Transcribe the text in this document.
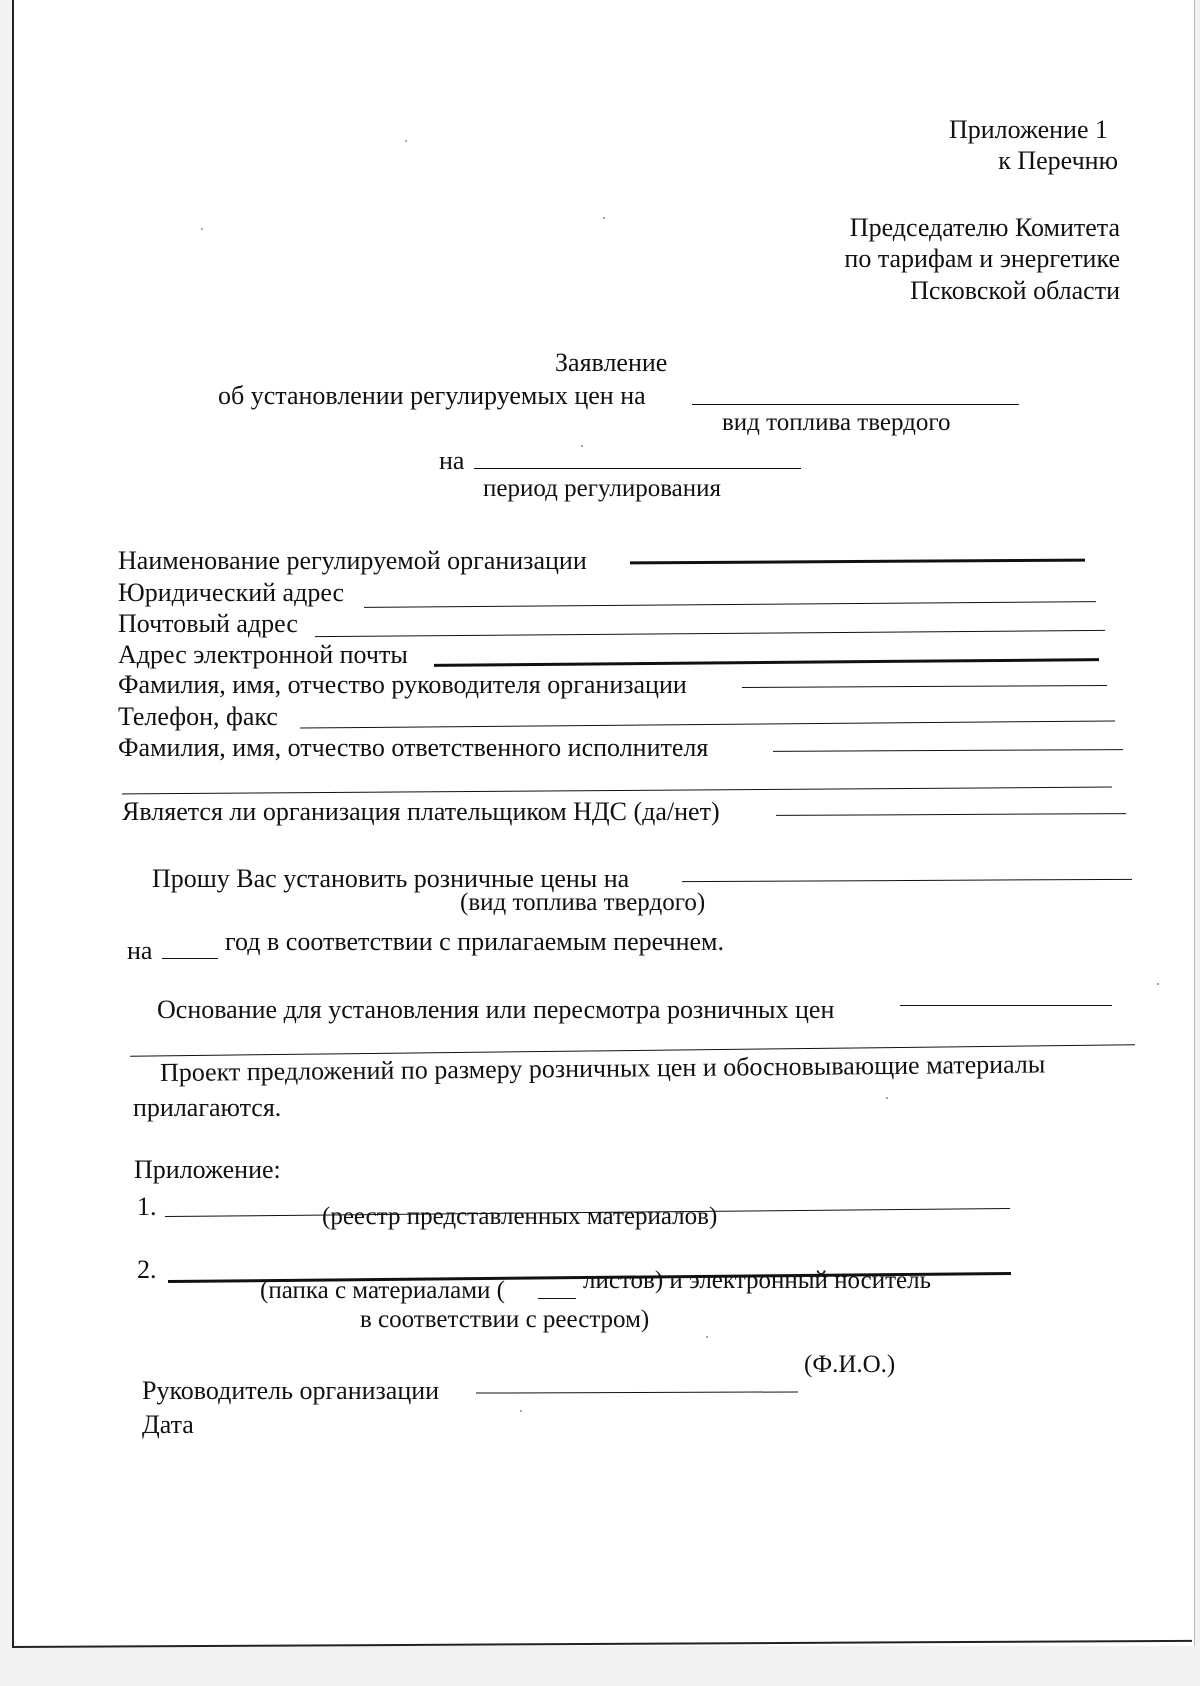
Приложение 1
к Перечню
Председателю Комитета
по тарифам и энергетике
Псковской области
Заявление
об установлении регулируемых цен на
вид топлива твердого
на
период регулирования
Наименование регулируемой организации
Юридический адрес
Почтовый адрес
Адрес электронной почты
Фамилия, имя, отчество руководителя организации
Телефон, факс
Фамилия, имя, отчество ответственного исполнителя
Является ли организация плательщиком НДС (да/нет)
Прошу Вас установить розничные цены на
(вид топлива твердого)
на	год в соответствии с прилагаемым перечнем.
Основание для установления или пересмотра розничных цен
Проект предложений по размеру розничных цен и обосновывающие материалы
прилагаются.
Приложение:
1.	(реестр представленных материалов)
2.
(папка с материалами (	листов) и электронный носитель
в соответствии с реестром)
Руководитель организации
(Ф.И.О.)
Дата
